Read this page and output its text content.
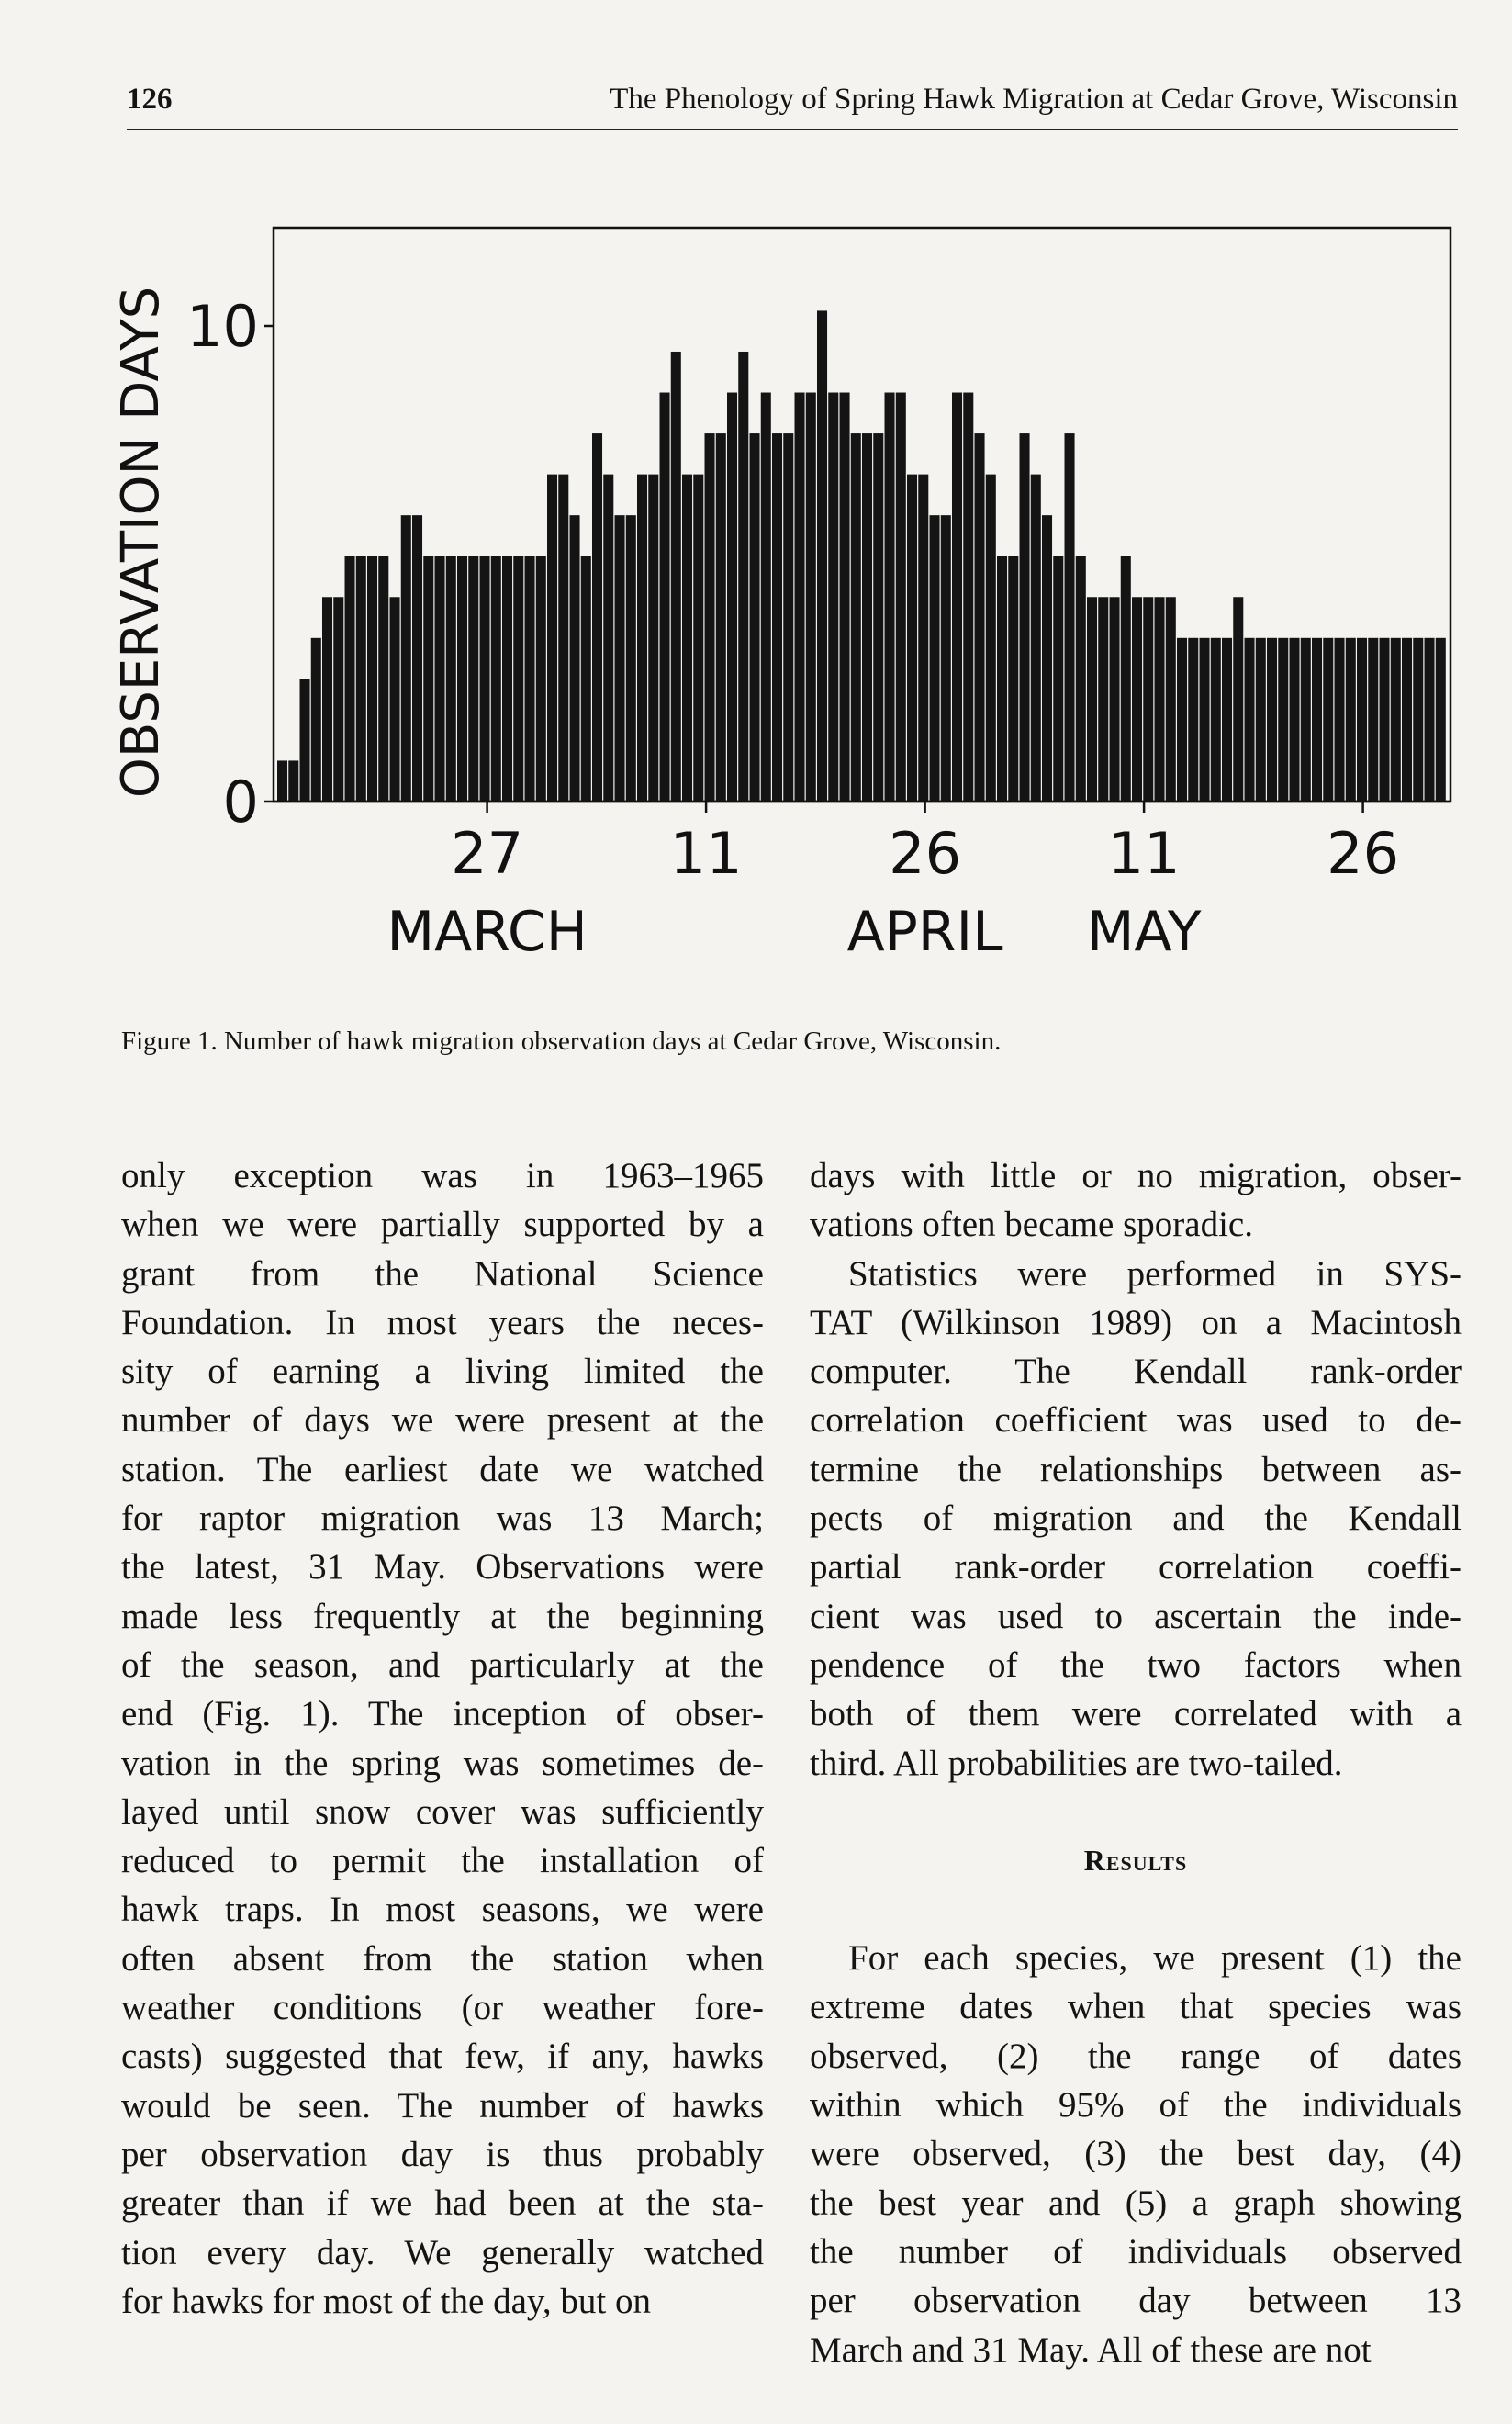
126	The Phenology of Spring Hawk Migration at Cedar Grove, Wisconsin
0
10
OBSERVATION DAYS
27	11	26	11	26
MARCH	APRIL MAY
Figure 1. Number of hawk migration observation days at Cedar Grove, Wisconsin.
only exception was in 1963–1965
when we were partially supported by a
grant from the National Science
Foundation. In most years the neces-
sity of earning a living limited the
number of days we were present at the
station. The earliest date we watched
for raptor migration was 13 March;
the latest, 31 May. Observations were
made less frequently at the beginning
of the season, and particularly at the
end (Fig. 1). The inception of obser-
vation in the spring was sometimes de-
layed until snow cover was sufficiently
reduced to permit the installation of
hawk traps. In most seasons, we were
often absent from the station when
weather conditions (or weather fore-
casts) suggested that few, if any, hawks
would be seen. The number of hawks
per observation day is thus probably
greater than if we had been at the sta-
tion every day. We generally watched
for hawks for most of the day, but on
days with little or no migration, obser-
vations often became sporadic.
Statistics were performed in SYS-
TAT (Wilkinson 1989) on a Macintosh
computer. The Kendall rank-order
correlation coefficient was used to de-
termine the relationships between as-
pects of migration and the Kendall
partial rank-order correlation coeffi-
cient was used to ascertain the inde-
pendence of the two factors when
both of them were correlated with a
third. All probabilities are two-tailed.
Results
For each species, we present (1) the
extreme dates when that species was
observed, (2) the range of dates
within which 95% of the individuals
were observed, (3) the best day, (4)
the best year and (5) a graph showing
the number of individuals observed
per observation day between 13
March and 31 May. All of these are not
